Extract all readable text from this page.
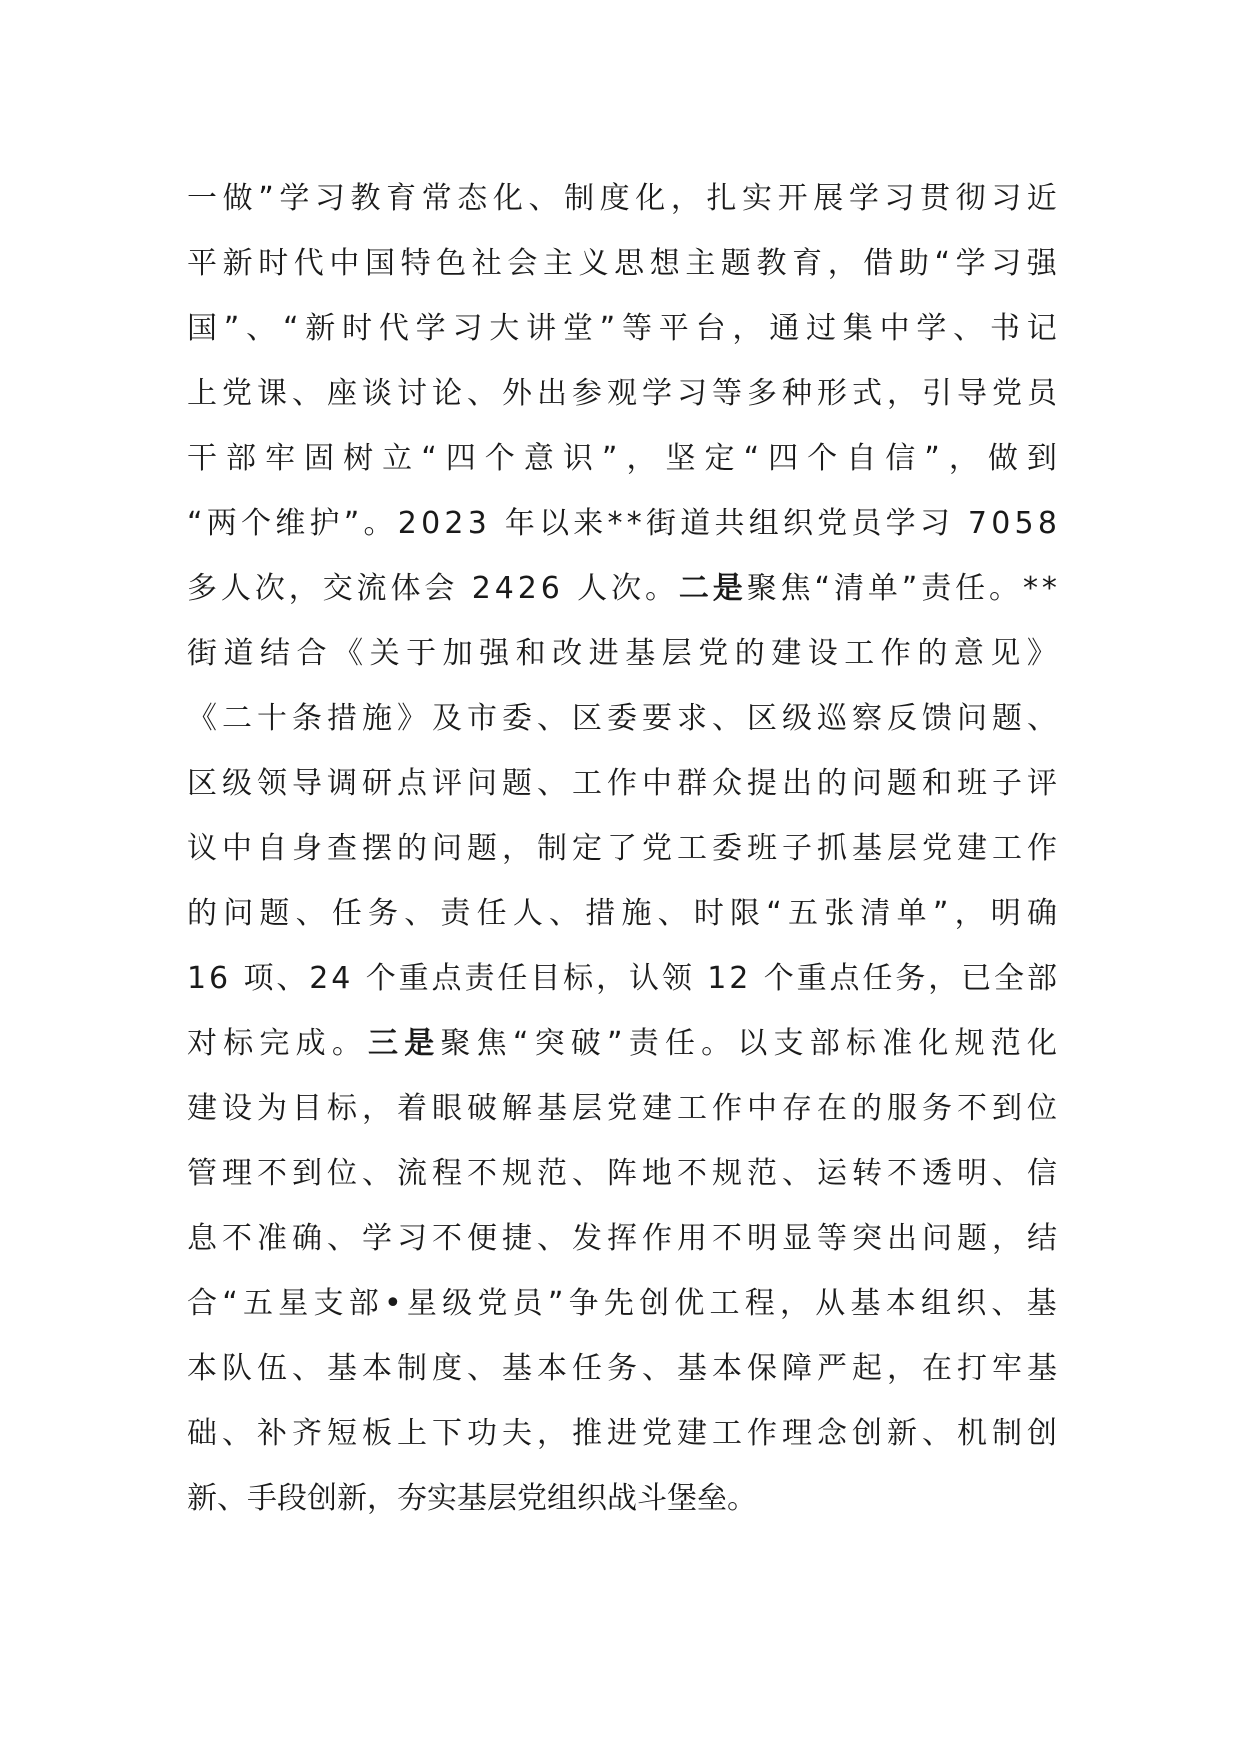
一 做 ” 学 习 教 育 常 态 化 、 制 度 化 ， 扎 实 开 展 学 习 贯 彻 习 近
平 新 时 代 中 国 特 色 社 会 主 义 思 想 主 题 教 育 ， 借 助 “ 学 习 强
国 ” 、 “ 新 时 代 学 习 大 讲 堂 ” 等 平 台 ， 通 过 集 中 学 、 书 记
上 党 课 、 座 谈 讨 论 、 外 出 参 观 学 习 等 多 种 形 式 ， 引 导 党 员
干 部 牢 固 树 立 “ 四 个 意 识 ” ， 坚 定 “ 四 个 自 信 ” ， 做 到
“ 两 个 维 护 ” 。 2 0 2 3
年 以 来 * * 街 道 共 组 织 党 员 学 习
7 0 5 8
多 人 次 ， 交 流 体 会
2 4 2 6
人 次 。 二 是 聚 焦 “ 清 单 ” 责 任 。 * *
街 道 结 合 《 关 于 加 强 和 改 进 基 层 党 的 建 设 工 作 的 意 见 》
《 二 十 条 措 施 》 及 市 委 、 区 委 要 求 、 区 级 巡 察 反 馈 问 题 、
区 级 领 导 调 研 点 评 问 题 、 工 作 中 群 众 提 出 的 问 题 和 班 子 评
议 中 自 身 查 摆 的 问 题 ， 制 定 了 党 工 委 班 子 抓 基 层 党 建 工 作
的 问 题 、 任 务 、 责 任 人 、 措 施 、 时 限 “ 五 张 清 单 ” ， 明 确
1 6
项 、 2 4
个 重 点 责 任 目 标 ， 认 领
1 2
个 重 点 任 务 ， 已 全 部
对 标 完 成 。 三 是 聚 焦 “ 突 破 ” 责 任 。 以 支 部 标 准 化 规 范 化
建 设 为 目 标 ， 着 眼 破 解 基 层 党 建 工 作 中 存 在 的 服 务 不 到 位
管 理 不 到 位 、 流 程 不 规 范 、 阵 地 不 规 范 、 运 转 不 透 明 、 信
息 不 准 确 、 学 习 不 便 捷 、 发 挥 作 用 不 明 显 等 突 出 问 题 ， 结
合 “ 五 星 支 部 • 星 级 党 员 ” 争 先 创 优 工 程 ， 从 基 本 组 织 、 基
本 队 伍 、 基 本 制 度 、 基 本 任 务 、 基 本 保 障 严 起 ， 在 打 牢 基
础 、 补 齐 短 板 上 下 功 夫 ， 推 进 党 建 工 作 理 念 创 新 、 机 制 创
新 、 手 段 创 新 ， 夯 实 基 层 党 组 织 战 斗 堡 垒 。
